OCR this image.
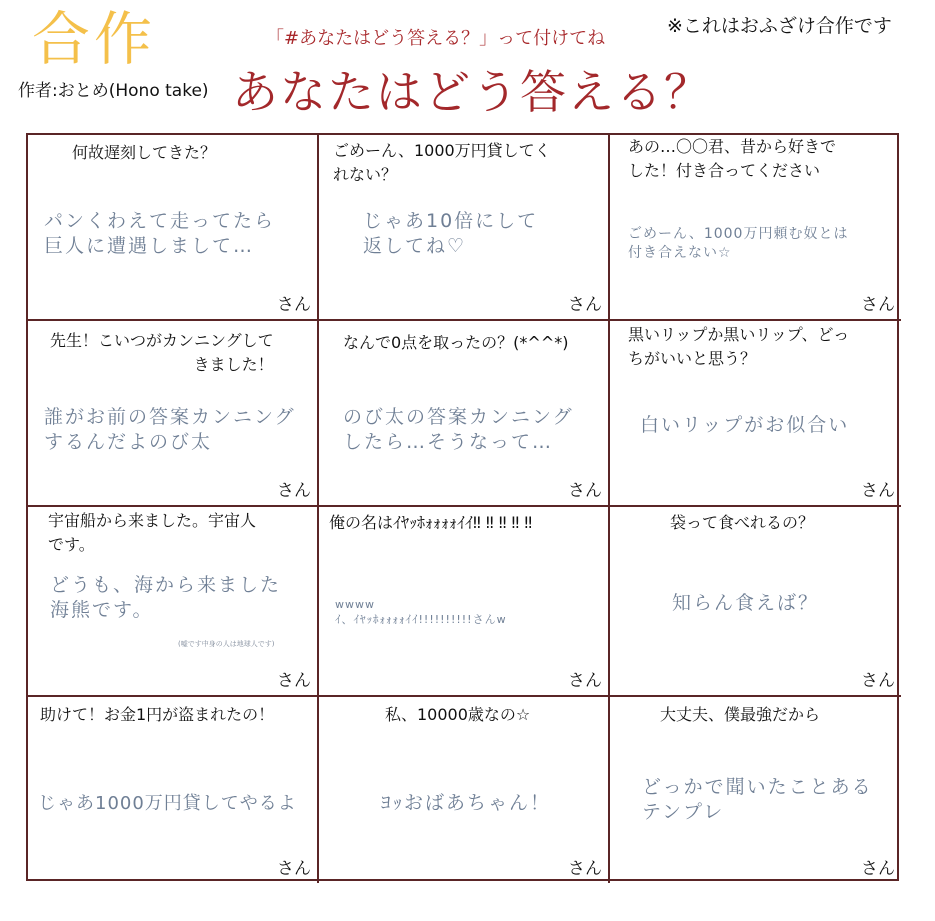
合作
作者:おとめ(Hono take)
「#あなたはどう答える？」って付けてね
※これはおふざけ合作です
あなたはどう答える？
何故遅刻してきた？
パンくわえて走ってたら
巨人に遭遇しまして…
さん
ごめーん、1000万円貸してく
れない？
じゃあ10倍にして
返してね♡
さん
あの…〇〇君、昔から好きで
した！付き合ってください
ごめーん、1000万円頼む奴とは
付き合えない☆
さん
先生！こいつがカンニングして
きました！
誰がお前の答案カンニング
するんだよのび太
さん
なんで0点を取ったの？(*^^*)
のび太の答案カンニング
したら…そうなって…
さん
黒いリップか黒いリップ、どっ
ちがいいと思う？
白いリップがお似合い
さん
宇宙船から来ました。宇宙人
です。
どうも、海から来ました
海熊です。
(嘘です中身の人は地球人です)
さん
俺の名はｲﾔｯﾎｫｫｫｫｲｲ‼︎ ‼︎ ‼︎ ‼︎ ‼︎
wwww
ｲ、ｲﾔｯﾎｫｫｫｫｲｲ!!!!!!!!!!さんw
さん
袋って食べれるの？
知らん食えば？
さん
助けて！お金1円が盗まれたの！
じゃあ1000万円貸してやるよ
さん
私、10000歳なの☆
ﾖｯおばあちゃん！
さん
大丈夫、僕最強だから
どっかで聞いたことある
テンプレ
さん
